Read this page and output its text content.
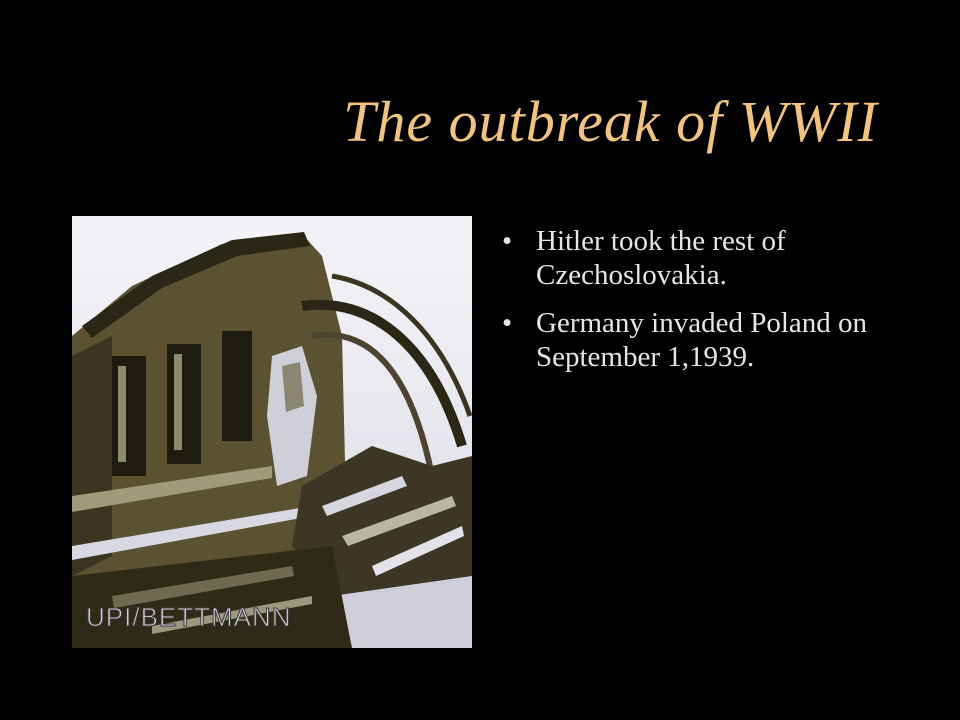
The outbreak of WWII
UPI/BETTMANN
• Hitler took the rest of Czechoslovakia.
• Germany invaded Poland on September 1,1939.
